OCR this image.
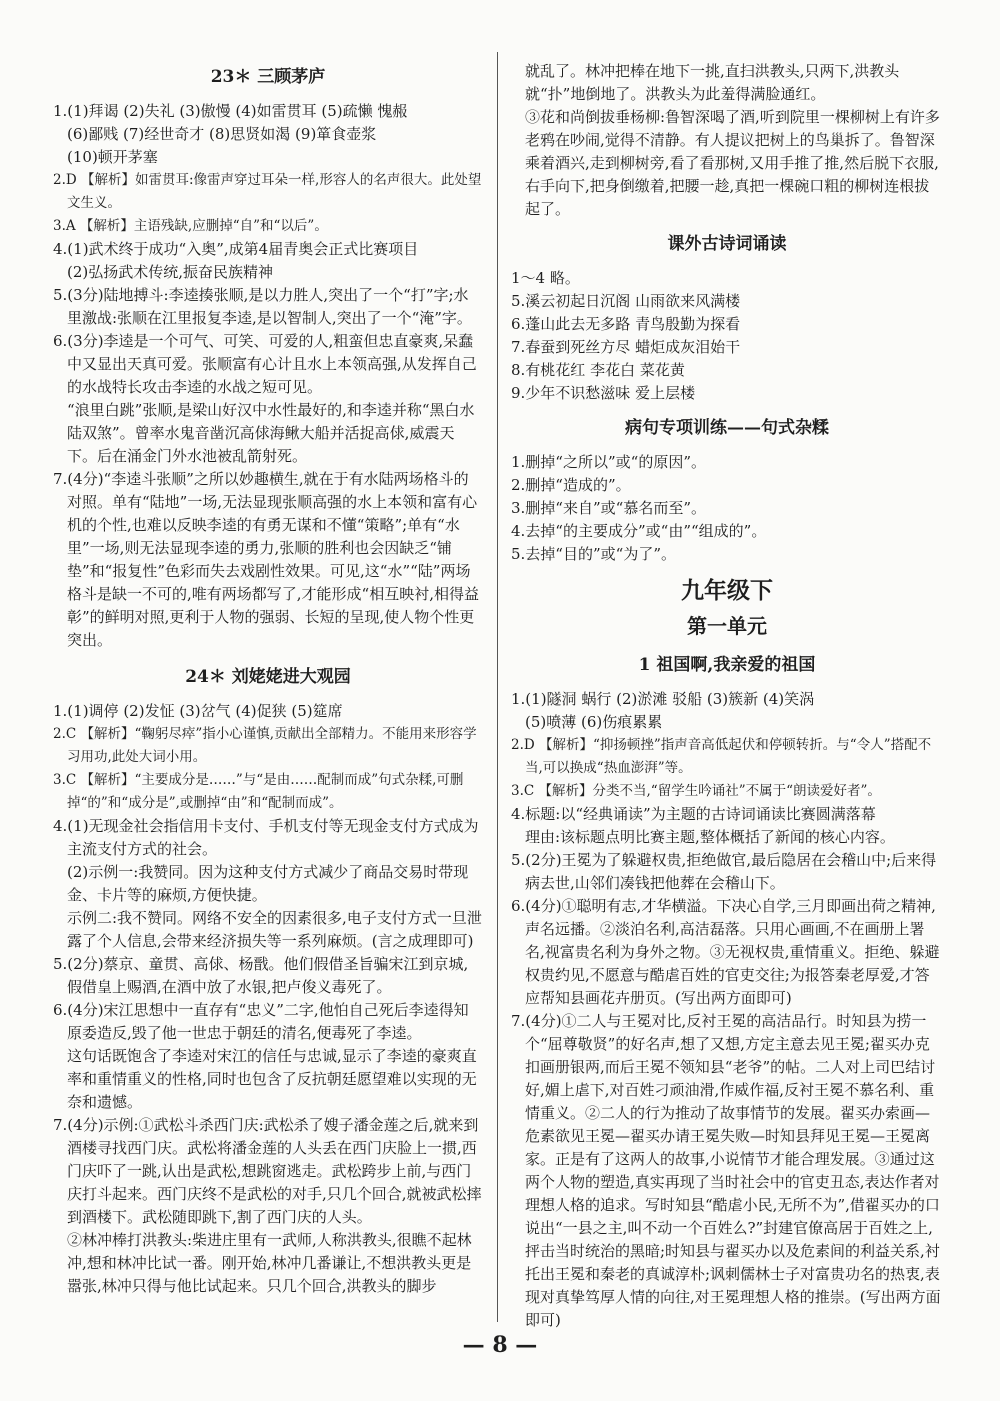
23＊ 三顾茅庐

1.(1)拜谒 (2)失礼 (3)傲慢 (4)如雷贯耳 (5)疏懒 愧赧

(6)鄙贱 (7)经世奇才 (8)思贤如渴 (9)箪食壶浆

(10)顿开茅塞

2.D 【解析】如雷贯耳:像雷声穿过耳朵一样,形容人的名声很大。此处望文生义。

3.A 【解析】主语残缺,应删掉“自”和“以后”。

4.(1)武术终于成功“入奥”,成第4届青奥会正式比赛项目

(2)弘扬武术传统,振奋民族精神

5.(3分)陆地搏斗:李逵揍张顺,是以力胜人,突出了一个“打”字;水里激战:张顺在江里报复李逵,是以智制人,突出了一个“淹”字。

6.(3分)李逵是一个可气、可笑、可爱的人,粗蛮但忠直豪爽,呆蠢中又显出天真可爱。张顺富有心计且水上本领高强,从发挥自己的水战特长攻击李逵的水战之短可见。

“浪里白跳”张顺,是梁山好汉中水性最好的,和李逵并称“黑白水陆双煞”。曾率水鬼音凿沉高俅海鳅大船并活捉高俅,威震天下。后在涌金门外水池被乱箭射死。

7.(4分)“李逵斗张顺”之所以妙趣横生,就在于有水陆两场格斗的对照。单有“陆地”一场,无法显现张顺高强的水上本领和富有心机的个性,也难以反映李逵的有勇无谋和不懂“策略”;单有“水里”一场,则无法显现李逵的勇力,张顺的胜利也会因缺乏“铺垫”和“报复性”色彩而失去戏剧性效果。可见,这“水”“陆”两场格斗是缺一不可的,唯有两场都写了,才能形成“相互映衬,相得益彰”的鲜明对照,更利于人物的强弱、长短的呈现,使人物个性更突出。

24＊ 刘姥姥进大观园

1.(1)调停 (2)发怔 (3)岔气 (4)促狭 (5)筵席

2.C 【解析】“鞠躬尽瘁”指小心谨慎,贡献出全部精力。不能用来形容学习用功,此处大词小用。

3.C 【解析】“主要成分是……”与“是由……配制而成”句式杂糅,可删掉“的”和“成分是”,或删掉“由”和“配制而成”。

4.(1)无现金社会指信用卡支付、手机支付等无现金支付方式成为主流支付方式的社会。

(2)示例一:我赞同。因为这种支付方式减少了商品交易时带现金、卡片等的麻烦,方便快捷。

示例二:我不赞同。网络不安全的因素很多,电子支付方式一旦泄露了个人信息,会带来经济损失等一系列麻烦。(言之成理即可)

5.(2分)蔡京、童贯、高俅、杨戬。他们假借圣旨骗宋江到京城,假借皇上赐酒,在酒中放了水银,把卢俊义毒死了。

6.(4分)宋江思想中一直存有“忠义”二字,他怕自己死后李逵得知原委造反,毁了他一世忠于朝廷的清名,便毒死了李逵。

这句话既饱含了李逵对宋江的信任与忠诚,显示了李逵的豪爽直率和重情重义的性格,同时也包含了反抗朝廷愿望难以实现的无奈和遗憾。

7.(4分)示例:①武松斗杀西门庆:武松杀了嫂子潘金莲之后,就来到酒楼寻找西门庆。武松将潘金莲的人头丢在西门庆脸上一掼,西门庆吓了一跳,认出是武松,想跳窗逃走。武松跨步上前,与西门庆打斗起来。西门庆终不是武松的对手,只几个回合,就被武松摔到酒楼下。武松随即跳下,割了西门庆的人头。

②林冲棒打洪教头:柴进庄里有一武师,人称洪教头,很瞧不起林冲,想和林冲比试一番。刚开始,林冲几番谦让,不想洪教头更是嚣张,林冲只得与他比试起来。只几个回合,洪教头的脚步

就乱了。林冲把棒在地下一挑,直扫洪教头,只两下,洪教头就“扑”地倒地了。洪教头为此羞得满脸通红。

③花和尚倒拔垂杨柳:鲁智深喝了酒,听到院里一棵柳树上有许多老鸦在吵闹,觉得不清静。有人提议把树上的鸟巢拆了。鲁智深乘着酒兴,走到柳树旁,看了看那树,又用手推了推,然后脱下衣服,右手向下,把身倒缴着,把腰一趁,真把一棵碗口粗的柳树连根拔起了。

课外古诗词诵读

1～4 略。

5.溪云初起日沉阁 山雨欲来风满楼

6.蓬山此去无多路 青鸟殷勤为探看

7.春蚕到死丝方尽 蜡炬成灰泪始干

8.有桃花红 李花白 菜花黄

9.少年不识愁滋味 爱上层楼

病句专项训练——句式杂糅

1.删掉“之所以”或“的原因”。

2.删掉“造成的”。

3.删掉“来自”或“慕名而至”。

4.去掉“的主要成分”或“由”“组成的”。

5.去掉“目的”或“为了”。

九年级下
第一单元
1 祖国啊,我亲爱的祖国

1.(1)隧洞 蜗行 (2)淤滩 驳船 (3)簇新 (4)笑涡

(5)喷薄 (6)伤痕累累

2.D 【解析】“抑扬顿挫”指声音高低起伏和停顿转折。与“令人”搭配不当,可以换成“热血澎湃”等。

3.C 【解析】分类不当,“留学生吟诵社”不属于“朗读爱好者”。

4.标题:以“经典诵读”为主题的古诗词诵读比赛圆满落幕

理由:该标题点明比赛主题,整体概括了新闻的核心内容。

5.(2分)王冕为了躲避权贵,拒绝做官,最后隐居在会稽山中;后来得病去世,山邻们凑钱把他葬在会稽山下。

6.(4分)①聪明有志,才华横溢。下决心自学,三月即画出荷之精神,声名远播。②淡泊名利,高洁磊落。只用心画画,不在画册上署名,视富贵名利为身外之物。③无视权贵,重情重义。拒绝、躲避权贵约见,不愿意与酷虐百姓的官吏交往;为报答秦老厚爱,才答应帮知县画花卉册页。(写出两方面即可)

7.(4分)①二人与王冕对比,反衬王冕的高洁品行。时知县为捞一个“屈尊敬贤”的好名声,想了又想,方定主意去见王冕;翟买办克扣画册银两,而后王冕不领知县“老爷”的帖。二人对上司巴结讨好,媚上虐下,对百姓刁顽油滑,作威作福,反衬王冕不慕名利、重情重义。②二人的行为推动了故事情节的发展。翟买办索画—危素欲见王冕—翟买办请王冕失败—时知县拜见王冕—王冕离家。正是有了这两人的故事,小说情节才能合理发展。③通过这两个人物的塑造,真实再现了当时社会中的官吏丑态,表达作者对理想人格的追求。写时知县“酷虐小民,无所不为”,借翟买办的口说出“一县之主,叫不动一个百姓么?”封建官僚高居于百姓之上,抨击当时统治的黑暗;时知县与翟买办以及危素间的利益关系,衬托出王冕和秦老的真诚淳朴;讽刺儒林士子对富贵功名的热衷,表现对真挚笃厚人情的向往,对王冕理想人格的推崇。(写出两方面即可)

— 8 —
